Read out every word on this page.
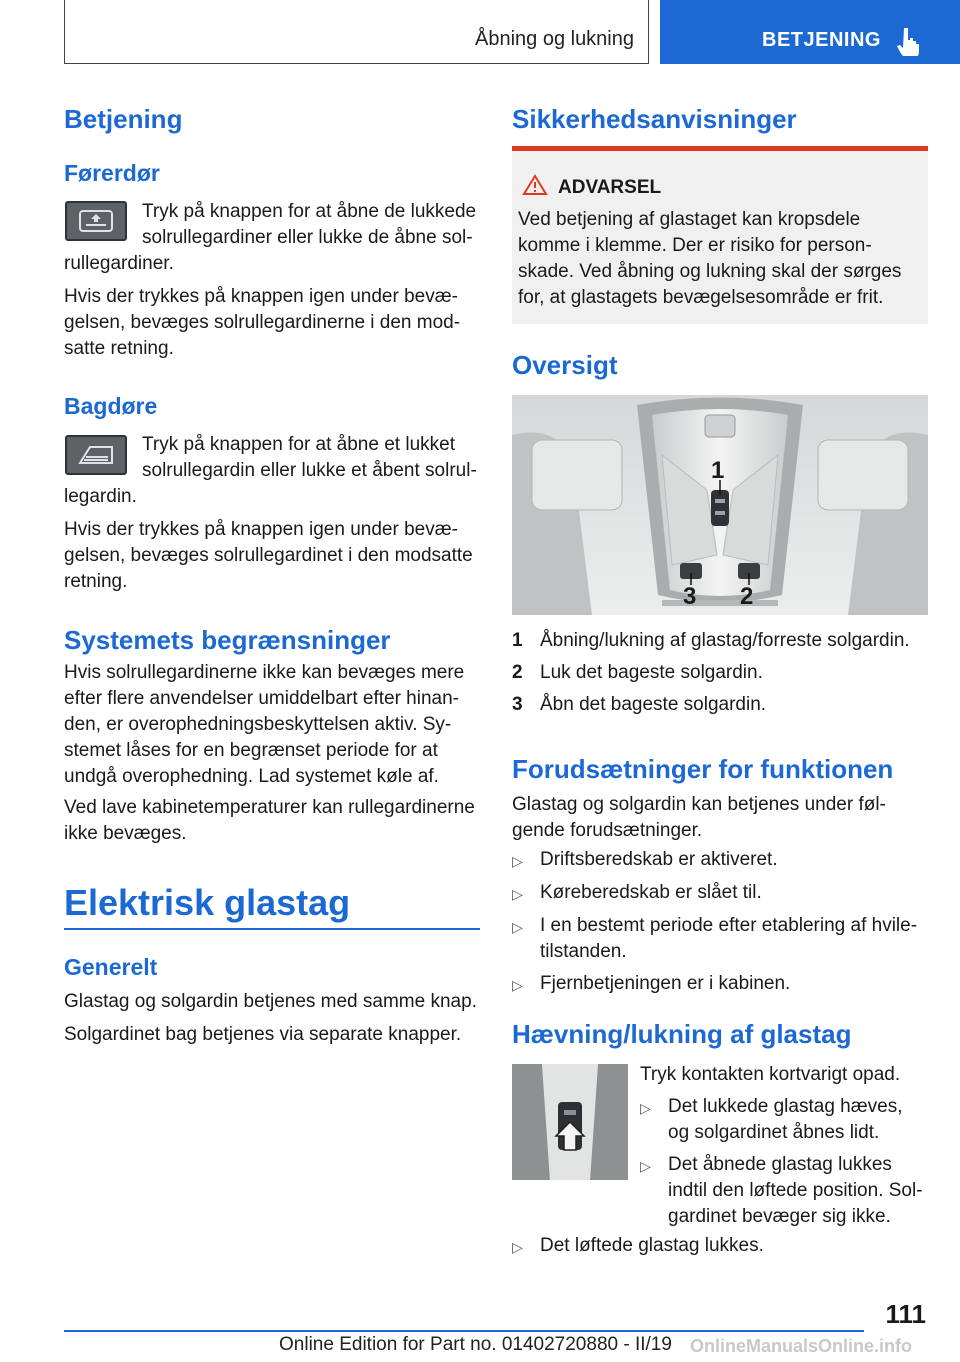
Åbning og lukning	BETJENING
Betjening
Førerdør

Tryk på knappen for at åbne de lukkede

solrullegardiner eller lukke de åbne sol-

rullegardiner.

Hvis der trykkes på knappen igen under bevæ-

gelsen, bevæges solrullegardinerne i den mod-

satte retning.

Bagdøre

Tryk på knappen for at åbne et lukket

solrullegardin eller lukke et åbent solrul-

legardin.

Hvis der trykkes på knappen igen under bevæ-

gelsen, bevæges solrullegardinet i den modsatte

retning.

Systemets begrænsninger

Hvis solrullegardinerne ikke kan bevæges mere

efter flere anvendelser umiddelbart efter hinan-

den, er overophedningsbeskyttelsen aktiv. Sy-

stemet låses for en begrænset periode for at

undgå overophedning. Lad systemet køle af.

Ved lave kabinetemperaturer kan rullegardinerne

ikke bevæges.

Elektrisk glastag
Generelt

Glastag og solgardin betjenes med samme knap.

Solgardinet bag betjenes via separate knapper.

Sikkerhedsanvisninger
ADVARSEL

Ved betjening af glastaget kan kropsdele

komme i klemme. Der er risiko for person-

skade. Ved åbning og lukning skal der sørges

for, at glastagets bevægelsesområde er frit.

Oversigt
1
3 2
1 Åbning/lukning af glastag/forreste solgardin.
2 Luk det bageste solgardin.
3 Åbn det bageste solgardin.
Forudsætninger for funktionen

Glastag og solgardin kan betjenes under føl-

gende forudsætninger.

▷ Driftsberedskab er aktiveret.
▷ Køreberedskab er slået til.
▷ I en bestemt periode efter etablering af hvile-
tilstanden.
▷ Fjernbetjeningen er i kabinen.
Hævning/lukning af glastag

Tryk kontakten kortvarigt opad.

▷ Det lukkede glastag hæves,
og solgardinet åbnes lidt.
▷ Det åbnede glastag lukkes
indtil den løftede position. Sol-
gardinet bevæger sig ikke.
▷ Det løftede glastag lukkes.
111
Online Edition for Part no. 01402720880 - II/19 OnlineManualsOnline.info
